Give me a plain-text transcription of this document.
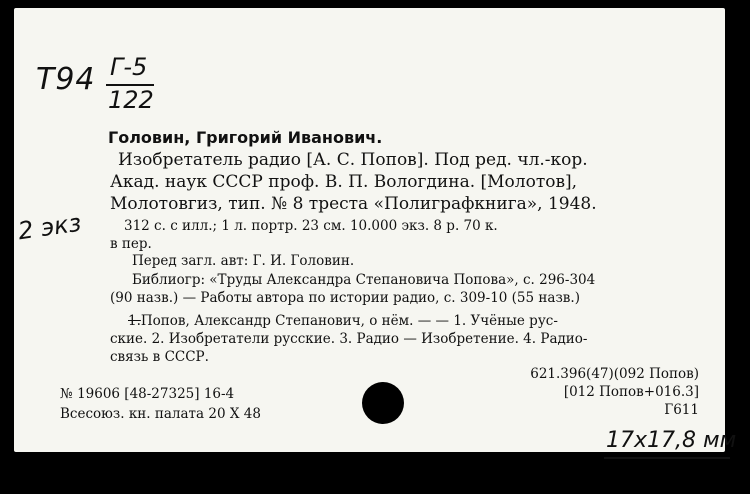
Т94 Г-5
122
2 экз
Головин, Григорий Иванович.
Изобретатель радио [А. С. Попов]. Под ред. чл.-кор.
Акад. наук СССР проф. В. П. Вологдина. [Молотов],
Молотовгиз, тип. № 8 треста «Полиграфкнига», 1948.
312 с. с илл.; 1 л. портр. 23 см. 10.000 экз. 8 р. 70 к.
в пер.
Перед загл. авт: Г. И. Головин.
Библиогр: «Труды Александра Степановича Попова», с. 296-304
(90 назв.) — Работы автора по истории радио, с. 309-10 (55 назв.)
1.Попов, Александр Степанович, о нём. — — 1. Учёные рус-
ские. 2. Изобретатели русские. 3. Радио — Изобретение. 4. Радио-
связь в СССР.
621.396(47)(092 Попов)
[012 Попов+016.3]
Г611
№ 19606 [48-27325] 16-4
Всесоюз. кн. палата 20 X 48
17x17,8 мм
